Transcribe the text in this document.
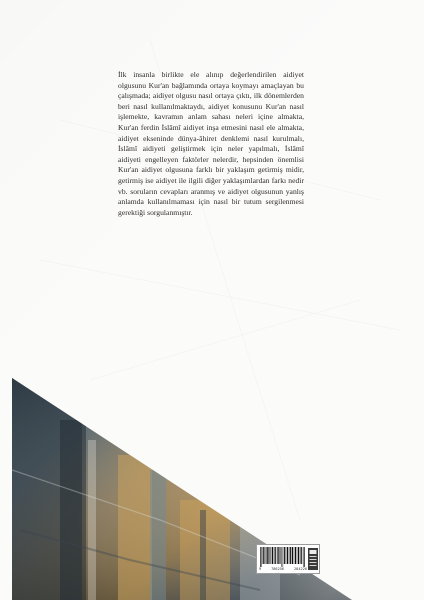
İlk insanla birlikte ele alınıp değerlendirilen aidiyet olgusunu Kur'an bağlamında ortaya koymayı amaçlayan bu çalışmada; aidiyet olgusu nasıl ortaya çıktı, ilk dönemlerden beri nasıl kullanılmaktaydı, aidiyet konusunu Kur'an nasıl işlemekte, kavramın anlam sahası neleri içine almakta, Kur'an ferdin İslâmî aidiyet inşa etmesini nasıl ele almakta, aidiyet ekseninde dünya-âhiret denklemi nasıl kurulmalı, İslâmî aidiyeti geliştirmek için neler yapılmalı, İslâmî aidiyeti engelleyen faktörler nelerdir, hepsinden önemlisi Kur'an aidiyet olgusuna farklı bir yaklaşım getirmiş midir, getirmiş ise aidiyet ile ilgili diğer yaklaşımlardan farkı nedir vb. soruların cevapları aranmış ve aidiyet olgusunun yanlış anlamda kullanılmaması için nasıl bir tutum sergilenmesi gerektiği sorgulanmıştır.

9	786256	284226
